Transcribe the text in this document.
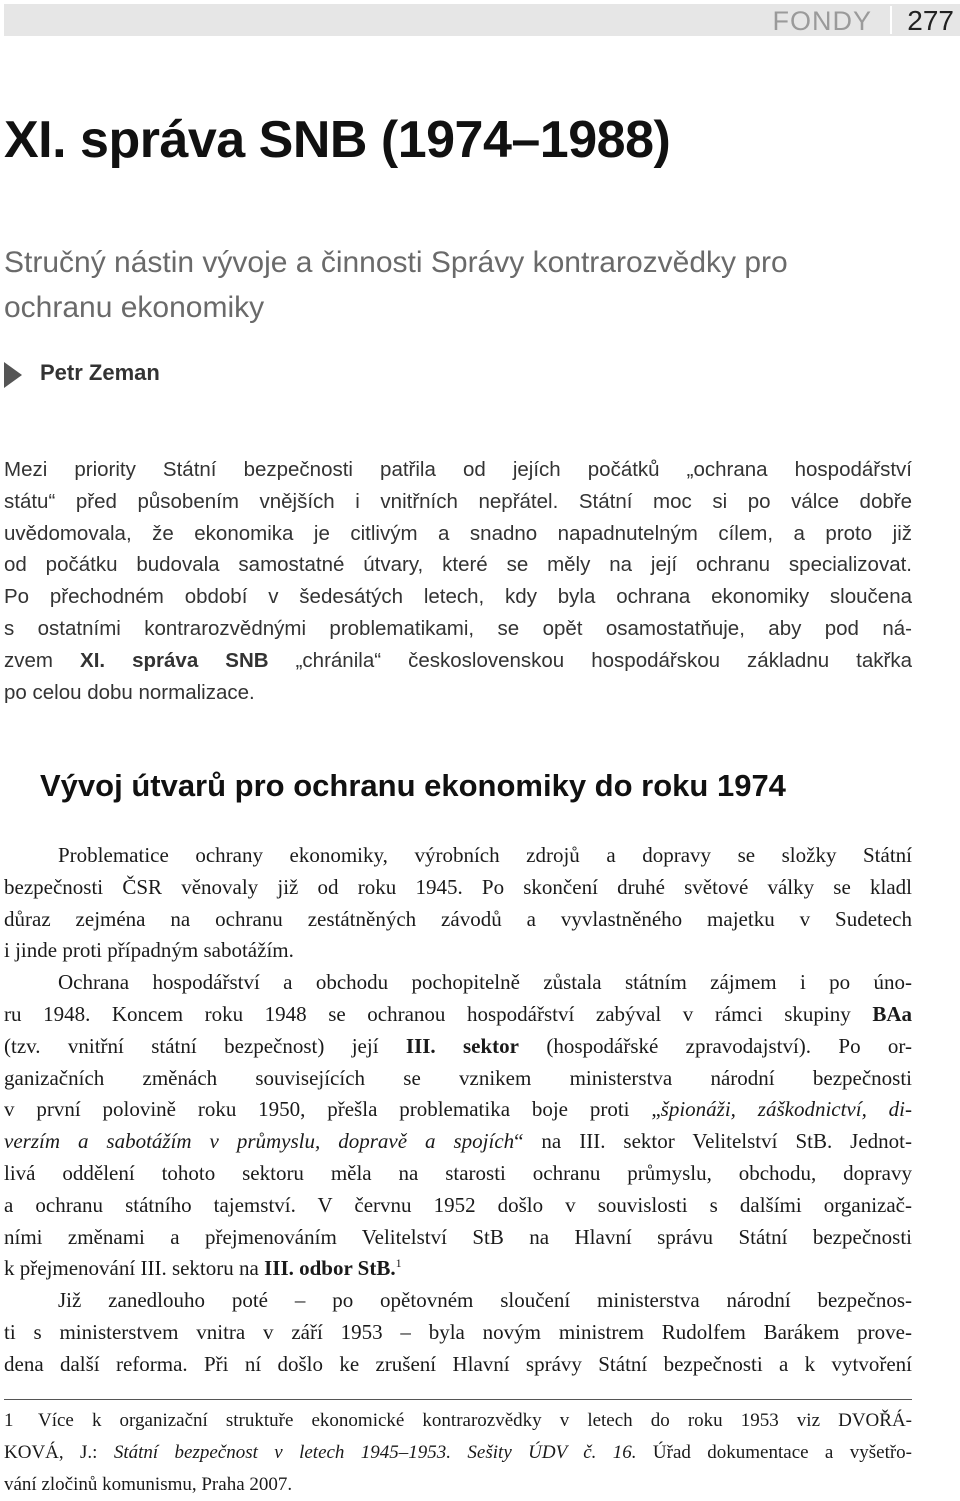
FONDY 277
XI. správa SNB (1974–1988)
Stručný nástin vývoje a činnosti Správy kontrarozvědky pro ochranu ekonomiky
Petr Zeman
Mezi priority Státní bezpečnosti patřila od jejích počátků „ochrana hospodářství
státu“ před působením vnějších i vnitřních nepřátel. Státní moc si po válce dobře
uvědomovala, že ekonomika je citlivým a snadno napadnutelným cílem, a proto již
od počátku budovala samostatné útvary, které se měly na její ochranu specializovat.
Po přechodném období v šedesátých letech, kdy byla ochrana ekonomiky sloučena
s ostatními kontrarozvědnými problematikami, se opět osamostatňuje, aby pod ná-
zvem XI. správa SNB „chránila“ československou hospodářskou základnu takřka
po celou dobu normalizace.
Vývoj útvarů pro ochranu ekonomiky do roku 1974
Problematice ochrany ekonomiky, výrobních zdrojů a dopravy se složky Státní
bezpečnosti ČSR věnovaly již od roku 1945. Po skončení druhé světové války se kladl
důraz zejména na ochranu zestátněných závodů a vyvlastněného majetku v Sudetech
i jinde proti případným sabotážím.
Ochrana hospodářství a obchodu pochopitelně zůstala státním zájmem i po úno-
ru 1948. Koncem roku 1948 se ochranou hospodářství zabýval v rámci skupiny BAa
(tzv. vnitřní státní bezpečnost) její III. sektor (hospodářské zpravodajství). Po or-
ganizačních změnách souvisejících se vznikem ministerstva národní bezpečnosti
v první polovině roku 1950, přešla problematika boje proti „špionáži, záškodnictví, di-
verzím a sabotážím v průmyslu, dopravě a spojích“ na III. sektor Velitelství StB. Jednot-
livá oddělení tohoto sektoru měla na starosti ochranu průmyslu, obchodu, dopravy
a ochranu státního tajemství. V červnu 1952 došlo v souvislosti s dalšími organizač-
ními změnami a přejmenováním Velitelství StB na Hlavní správu Státní bezpečnosti
k přejmenování III. sektoru na III. odbor StB.$^1$
Již zanedlouho poté – po opětovném sloučení ministerstva národní bezpečnos-
ti s ministerstvem vnitra v září 1953 – byla novým ministrem Rudolfem Barákem prove-
dena další reforma. Při ní došlo ke zrušení Hlavní správy Státní bezpečnosti a k vytvoření
1 Více k organizační struktuře ekonomické kontrarozvědky v letech do roku 1953 viz DVOŘÁ-
KOVÁ, J.: Státní bezpečnost v letech 1945–1953. Sešity ÚDV č. 16. Úřad dokumentace a vyšetřo-
vání zločinů komunismu, Praha 2007.
